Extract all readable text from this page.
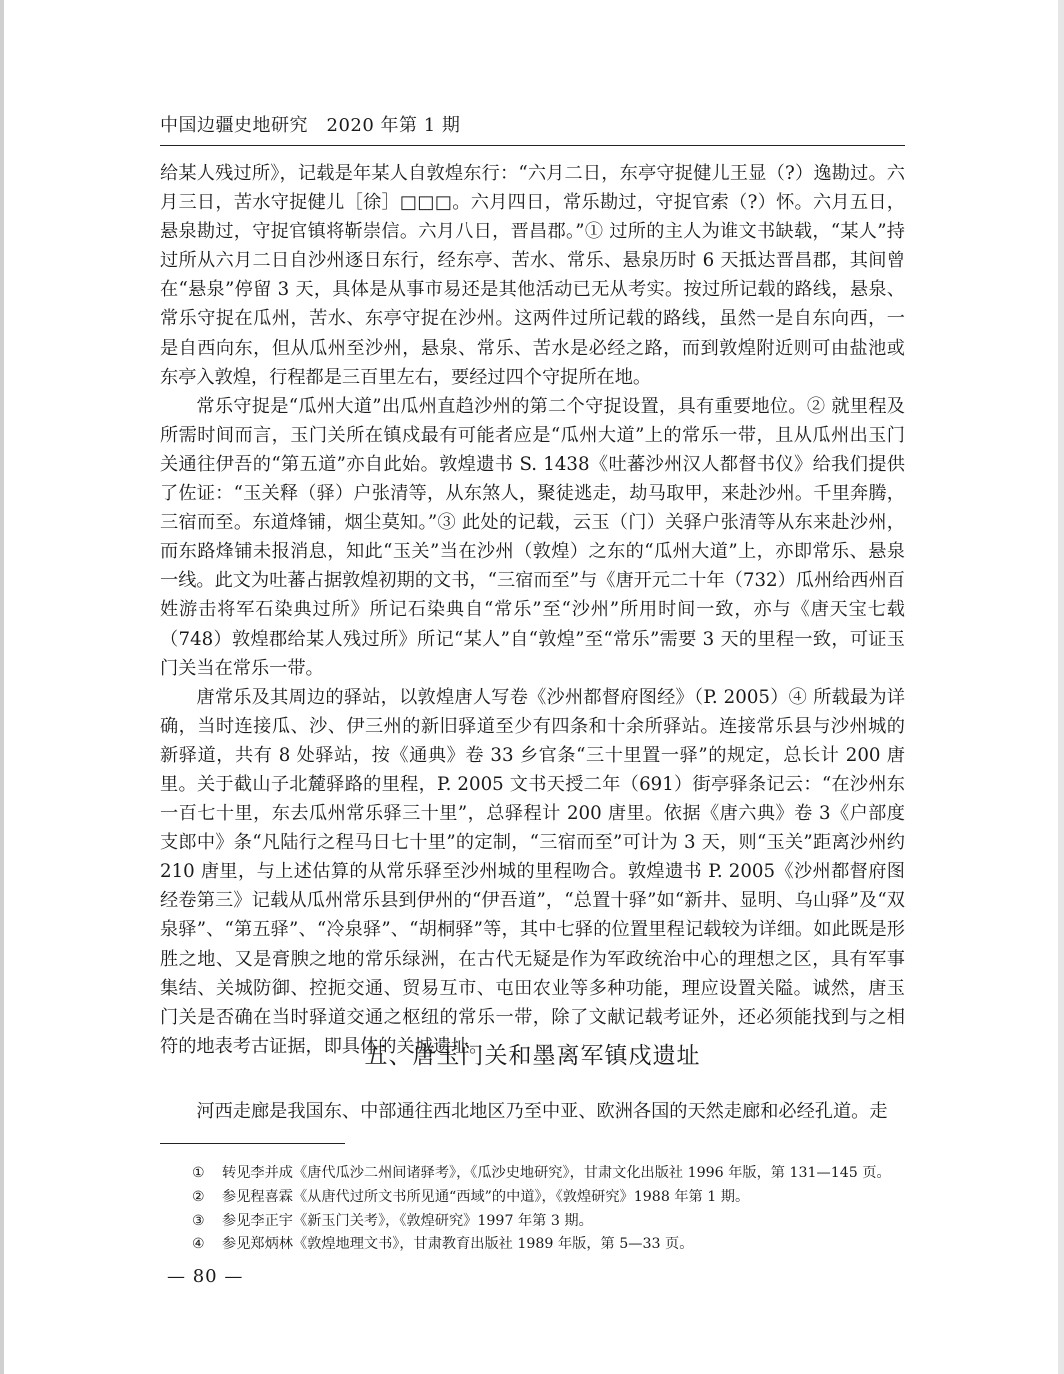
中国边疆史地研究　2020 年第 1 期

给某人残过所》，记载是年某人自敦煌东行：“六月二日，东亭守捉健儿王显（?）逸勘过。六月三日，苦水守捉健儿［徐］□□□。六月四日，常乐勘过，守捉官索（?）怀。六月五日，悬泉勘过，守捉官镇将靳崇信。六月八日，晋昌郡。”① 过所的主人为谁文书缺载，“某人”持过所从六月二日自沙州逐日东行，经东亭、苦水、常乐、悬泉历时 6 天抵达晋昌郡，其间曾在“悬泉”停留 3 天，具体是从事市易还是其他活动已无从考实。按过所记载的路线，悬泉、常乐守捉在瓜州，苦水、东亭守捉在沙州。这两件过所记载的路线，虽然一是自东向西，一是自西向东，但从瓜州至沙州，悬泉、常乐、苦水是必经之路，而到敦煌附近则可由盐池或东亭入敦煌，行程都是三百里左右，要经过四个守捉所在地。

常乐守捉是“瓜州大道”出瓜州直趋沙州的第二个守捉设置，具有重要地位。② 就里程及所需时间而言，玉门关所在镇戍最有可能者应是“瓜州大道”上的常乐一带，且从瓜州出玉门关通往伊吾的“第五道”亦自此始。敦煌遗书 S. 1438《吐蕃沙州汉人都督书仪》给我们提供了佐证：“玉关释（驿）户张清等，从东煞人，聚徒逃走，劫马取甲，来赴沙州。千里奔腾，三宿而至。东道烽铺，烟尘莫知。”③ 此处的记载，云玉（门）关驿户张清等从东来赴沙州，而东路烽铺未报消息，知此“玉关”当在沙州（敦煌）之东的“瓜州大道”上，亦即常乐、悬泉一线。此文为吐蕃占据敦煌初期的文书，“三宿而至”与《唐开元二十年（732）瓜州给西州百姓游击将军石染典过所》所记石染典自“常乐”至“沙州”所用时间一致，亦与《唐天宝七载（748）敦煌郡给某人残过所》所记“某人”自“敦煌”至“常乐”需要 3 天的里程一致，可证玉门关当在常乐一带。

唐常乐及其周边的驿站，以敦煌唐人写卷《沙州都督府图经》（P. 2005）④ 所载最为详确，当时连接瓜、沙、伊三州的新旧驿道至少有四条和十余所驿站。连接常乐县与沙州城的新驿道，共有 8 处驿站，按《通典》卷 33 乡官条“三十里置一驿”的规定，总长计 200 唐里。关于截山子北麓驿路的里程，P. 2005 文书天授二年（691）街亭驿条记云：“在沙州东一百七十里，东去瓜州常乐驿三十里”，总驿程计 200 唐里。依据《唐六典》卷 3《户部度支郎中》条“凡陆行之程马日七十里”的定制，“三宿而至”可计为 3 天，则“玉关”距离沙州约 210 唐里，与上述估算的从常乐驿至沙州城的里程吻合。敦煌遗书 P. 2005《沙州都督府图经卷第三》记载从瓜州常乐县到伊州的“伊吾道”，“总置十驿”如“新井、显明、乌山驿”及“双泉驿”、“第五驿”、“冷泉驿”、“胡桐驿”等，其中七驿的位置里程记载较为详细。如此既是形胜之地、又是膏腴之地的常乐绿洲，在古代无疑是作为军政统治中心的理想之区，具有军事集结、关城防御、控扼交通、贸易互市、屯田农业等多种功能，理应设置关隘。诚然，唐玉门关是否确在当时驿道交通之枢纽的常乐一带，除了文献记载考证外，还必须能找到与之相符的地表考古证据，即具体的关城遗址。

五、唐玉门关和墨离军镇戍遗址
河西走廊是我国东、中部通往西北地区乃至中亚、欧洲各国的天然走廊和必经孔道。走
① 转见李并成《唐代瓜沙二州间诸驿考》，《瓜沙史地研究》，甘肃文化出版社 1996 年版，第 131—145 页。
② 参见程喜霖《从唐代过所文书所见通“西域”的中道》，《敦煌研究》1988 年第 1 期。
③ 参见李正宇《新玉门关考》，《敦煌研究》1997 年第 3 期。
④ 参见郑炳林《敦煌地理文书》，甘肃教育出版社 1989 年版，第 5—33 页。
— 80 —
